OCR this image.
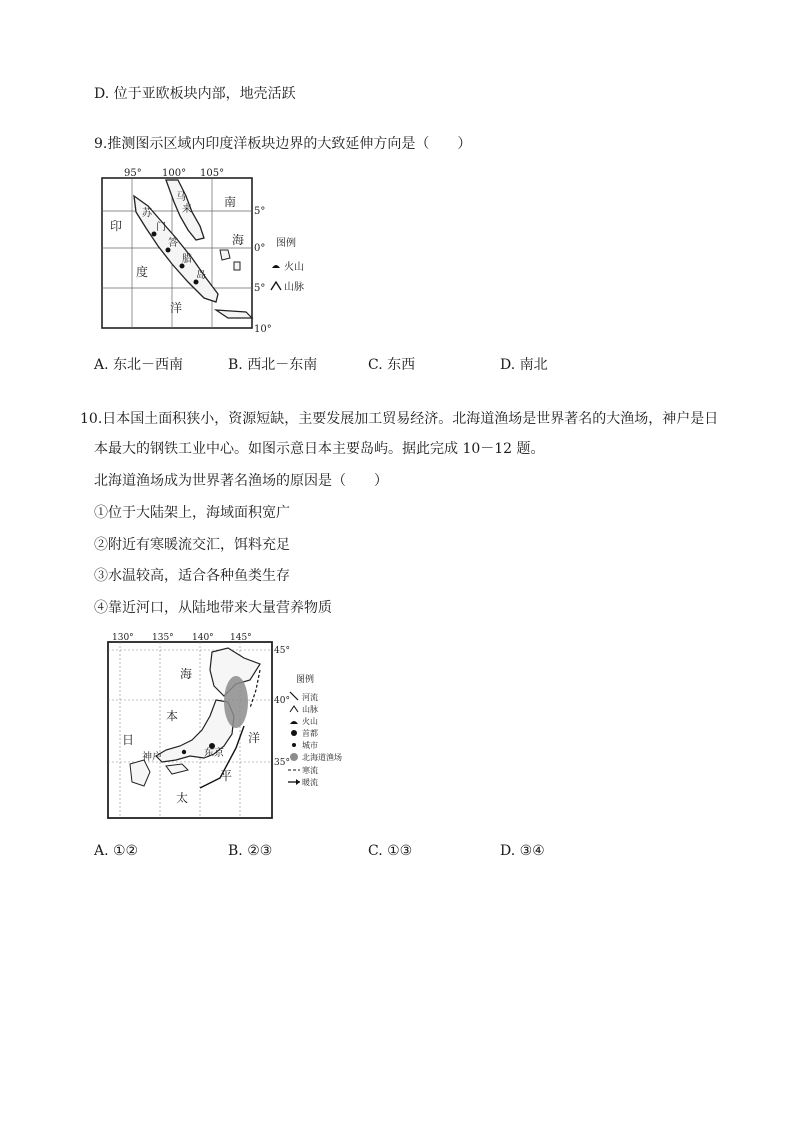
D. 位于亚欧板块内部，地壳活跃
9.推测图示区域内印度洋板块边界的大致延伸方向是（　　）
95° 100° 105°
5°
0°
5°
10°
南
海
印
度
洋
马
来
苏
门
答
腊
岛
图例
火山
山脉
A. 东北－西南	B. 西北－东南	C. 东西	D. 南北
10.日本国土面积狭小，资源短缺，主要发展加工贸易经济。北海道渔场是世界著名的大渔场，神户是日
本最大的钢铁工业中心。如图示意日本主要岛屿。据此完成 10－12 题。
北海道渔场成为世界著名渔场的原因是（　　）
①位于大陆架上，海域面积宽广
②附近有寒暖流交汇，饵料充足
③水温较高，适合各种鱼类生存
④靠近河口，从陆地带来大量营养物质
130° 135° 140° 145°
45°
40°
35°
海
本
日	洋
平
太
神户	东京
图例
河流
山脉
火山
首都
城市
北海道渔场
寒流
暖流
A. ①②	B. ②③	C. ①③	D. ③④
